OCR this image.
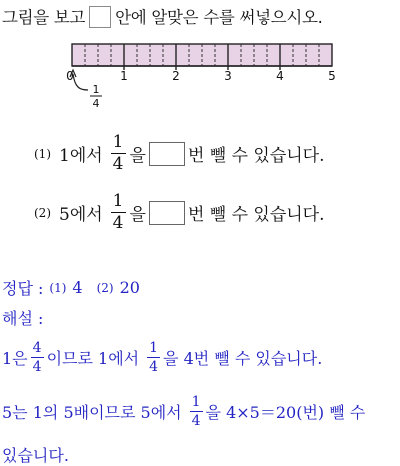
그림을 보고 안에 알맞은 수를 써넣으시오.
0	1	2	3	4	5
1
4
(1) 1에서 $\frac{1}{4}$ 을 번 뺄 수 있습니다.
(2) 5에서 $\frac{1}{4}$ 을 번 뺄 수 있습니다.
정답 : (1) 4 (2) 20
해설 :
1은 $\frac{4}{4}$ 이므로 1에서 $\frac{1}{4}$ 을 4번 뺄 수 있습니다.
5는 1의 5배이므로 5에서 $\frac{1}{4}$ 을 4×5＝20(번) 뺄 수
있습니다.
